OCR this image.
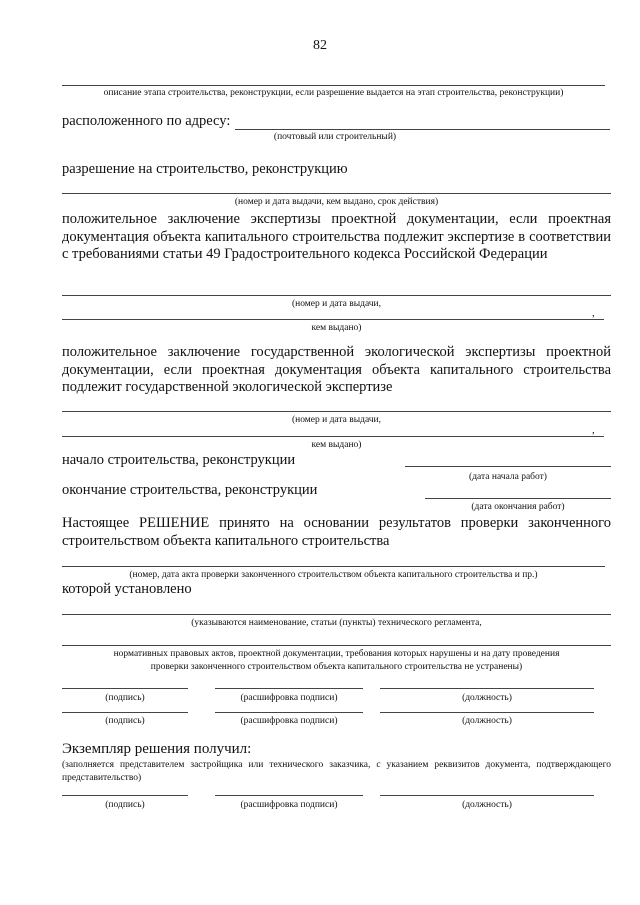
82
описание этапа строительства, реконструкции, если разрешение выдается на этап строительства, реконструкции)
расположенного по адресу:
(почтовый или строительный)
разрешение на строительство, реконструкцию
(номер и дата выдачи, кем выдано, срок действия)

положительное заключение экспертизы проектной документации, если проектная документация объекта капитального строительства подлежит экспертизе в соответствии с требованиями статьи 49 Градостроительного кодекса Российской Федерации

(номер и дата выдачи,
,
кем выдано)

положительное заключение государственной экологической экспертизы проектной документации, если проектная документация объекта капитального строительства подлежит государственной экологической экспертизе

(номер и дата выдачи,
,
кем выдано)
начало строительства, реконструкции
(дата начала работ)
окончание строительства, реконструкции
(дата окончания работ)

Настоящее РЕШЕНИЕ принято на основании результатов проверки законченного строительством объекта капитального строительства

(номер, дата акта проверки законченного строительством объекта капитального строительства и пр.)
которой установлено
(указываются наименование, статьи (пункты) технического регламента,
нормативных правовых актов, проектной документации, требования которых нарушены и на дату проведения
проверки законченного строительством объекта капитального строительства не устранены)
(подпись)	(расшифровка подписи)	(должность)
(подпись)	(расшифровка подписи)	(должность)
Экземпляр решения получил:
(заполняется представителем застройщика или технического заказчика, с указанием реквизитов документа, подтверждающего представительство)
(подпись)	(расшифровка подписи)	(должность)
